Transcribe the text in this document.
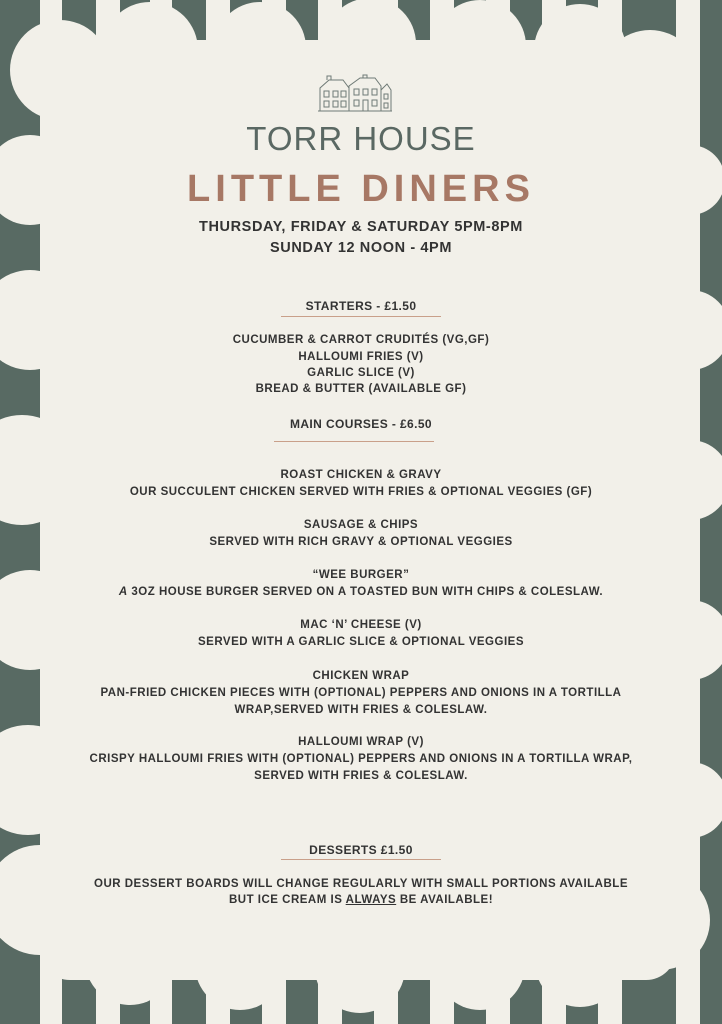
TORR HOUSE
LITTLE DINERS
THURSDAY, FRIDAY & SATURDAY 5PM-8PM
SUNDAY 12 NOON - 4PM
STARTERS - £1.50
CUCUMBER & CARROT CRUDITÉS (VG,GF)
HALLOUMI FRIES (V)
GARLIC SLICE (V)
BREAD & BUTTER (AVAILABLE GF)
MAIN COURSES - £6.50
ROAST CHICKEN & GRAVY
OUR SUCCULENT CHICKEN SERVED WITH FRIES & OPTIONAL VEGGIES (GF)
SAUSAGE & CHIPS
SERVED WITH RICH GRAVY & OPTIONAL VEGGIES
“WEE BURGER”
A 3OZ HOUSE BURGER SERVED ON A TOASTED BUN WITH CHIPS & COLESLAW.
MAC ‘N’ CHEESE (V)
SERVED WITH A GARLIC SLICE & OPTIONAL VEGGIES
CHICKEN WRAP
PAN-FRIED CHICKEN PIECES WITH (OPTIONAL) PEPPERS AND ONIONS IN A TORTILLA
WRAP,SERVED WITH FRIES & COLESLAW.
HALLOUMI WRAP (V)
CRISPY HALLOUMI FRIES WITH (OPTIONAL) PEPPERS AND ONIONS IN A TORTILLA WRAP,
SERVED WITH FRIES & COLESLAW.
DESSERTS £1.50
OUR DESSERT BOARDS WILL CHANGE REGULARLY WITH SMALL PORTIONS AVAILABLE
BUT ICE CREAM IS ALWAYS BE AVAILABLE!
